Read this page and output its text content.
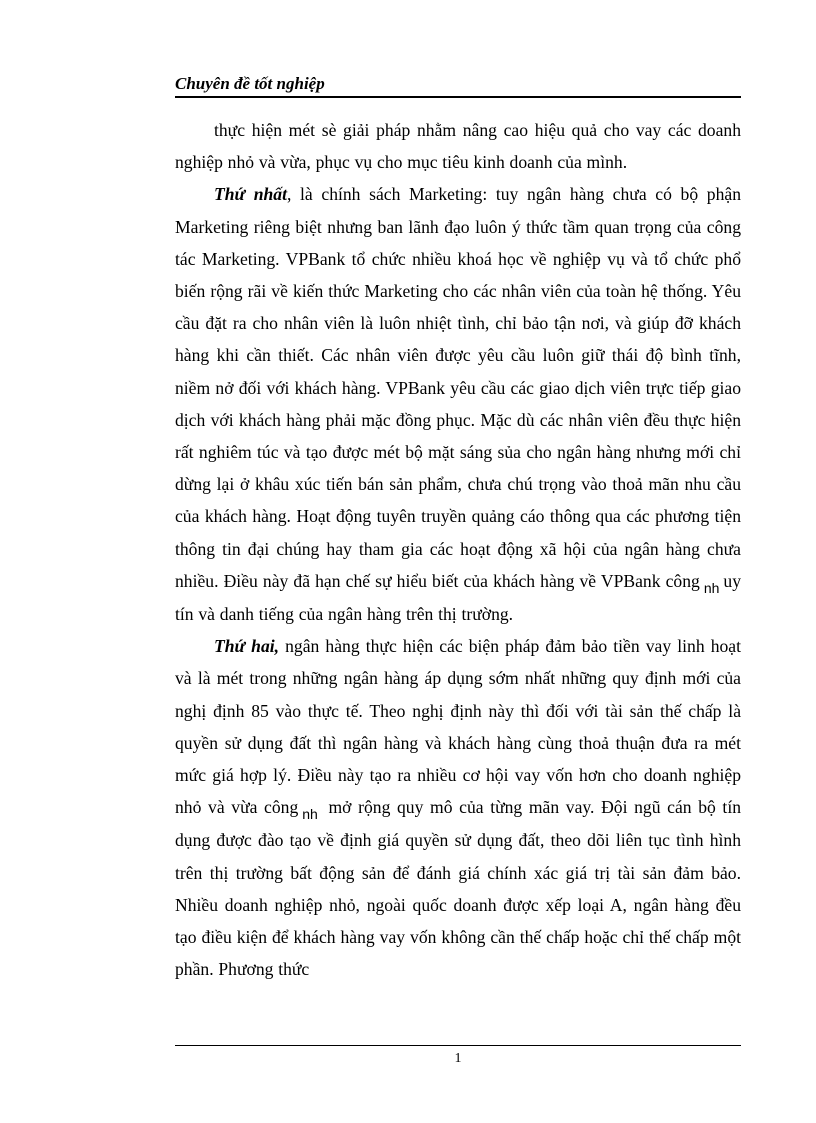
Chuyên đề tốt nghiệp

thực hiện mét sè giải pháp nhằm nâng cao hiệu quả cho vay các doanh nghiệp nhỏ và vừa, phục vụ cho mục tiêu kinh doanh của mình.

Thứ nhất, là chính sách Marketing: tuy ngân hàng chưa có bộ phận Marketing riêng biệt nhưng ban lãnh đạo luôn ý thức tầm quan trọng của công tác Marketing. VPBank tổ chức nhiều khoá học về nghiệp vụ và tổ chức phổ biến rộng rãi về kiến thức Marketing cho các nhân viên của toàn hệ thống. Yêu cầu đặt ra cho nhân viên là luôn nhiệt tình, chỉ bảo tận nơi, và giúp đỡ khách hàng khi cần thiết. Các nhân viên được yêu cầu luôn giữ thái độ bình tĩnh, niềm nở đối với khách hàng. VPBank yêu cầu các giao dịch viên trực tiếp giao dịch với khách hàng phải mặc đồng phục. Mặc dù các nhân viên đều thực hiện rất nghiêm túc và tạo được mét bộ mặt sáng sủa cho ngân hàng nhưng mới chỉ dừng lại ở khâu xúc tiến bán sản phẩm, chưa chú trọng vào thoả mãn nhu cầu của khách hàng. Hoạt động tuyên truyền quảng cáo thông qua các phương tiện thông tin đại chúng hay tham gia các hoạt động xã hội của ngân hàng chưa nhiều. Điều này đã hạn chế sự hiểu biết của khách hàng về VPBank công $_{nh}$ uy tín và danh tiếng của ngân hàng trên thị trường.

Thứ hai, ngân hàng thực hiện các biện pháp đảm bảo tiền vay linh hoạt và là mét trong những ngân hàng áp dụng sớm nhất những quy định mới của nghị định 85 vào thực tế. Theo nghị định này thì đối với tài sản thế chấp là quyền sử dụng đất thì ngân hàng và khách hàng cùng thoả thuận đưa ra mét mức giá hợp lý. Điều này tạo ra nhiều cơ hội vay vốn hơn cho doanh nghiệp nhỏ và vừa công $_{nh}$ mở rộng quy mô của từng mãn vay. Đội ngũ cán bộ tín dụng được đào tạo về định giá quyền sử dụng đất, theo dõi liên tục tình hình trên thị trường bất động sản để đánh giá chính xác giá trị tài sản đảm bảo. Nhiều doanh nghiệp nhỏ, ngoài quốc doanh được xếp loại A, ngân hàng đều tạo điều kiện để khách hàng vay vốn không cần thế chấp hoặc chỉ thế chấp một phần. Phương thức

1
